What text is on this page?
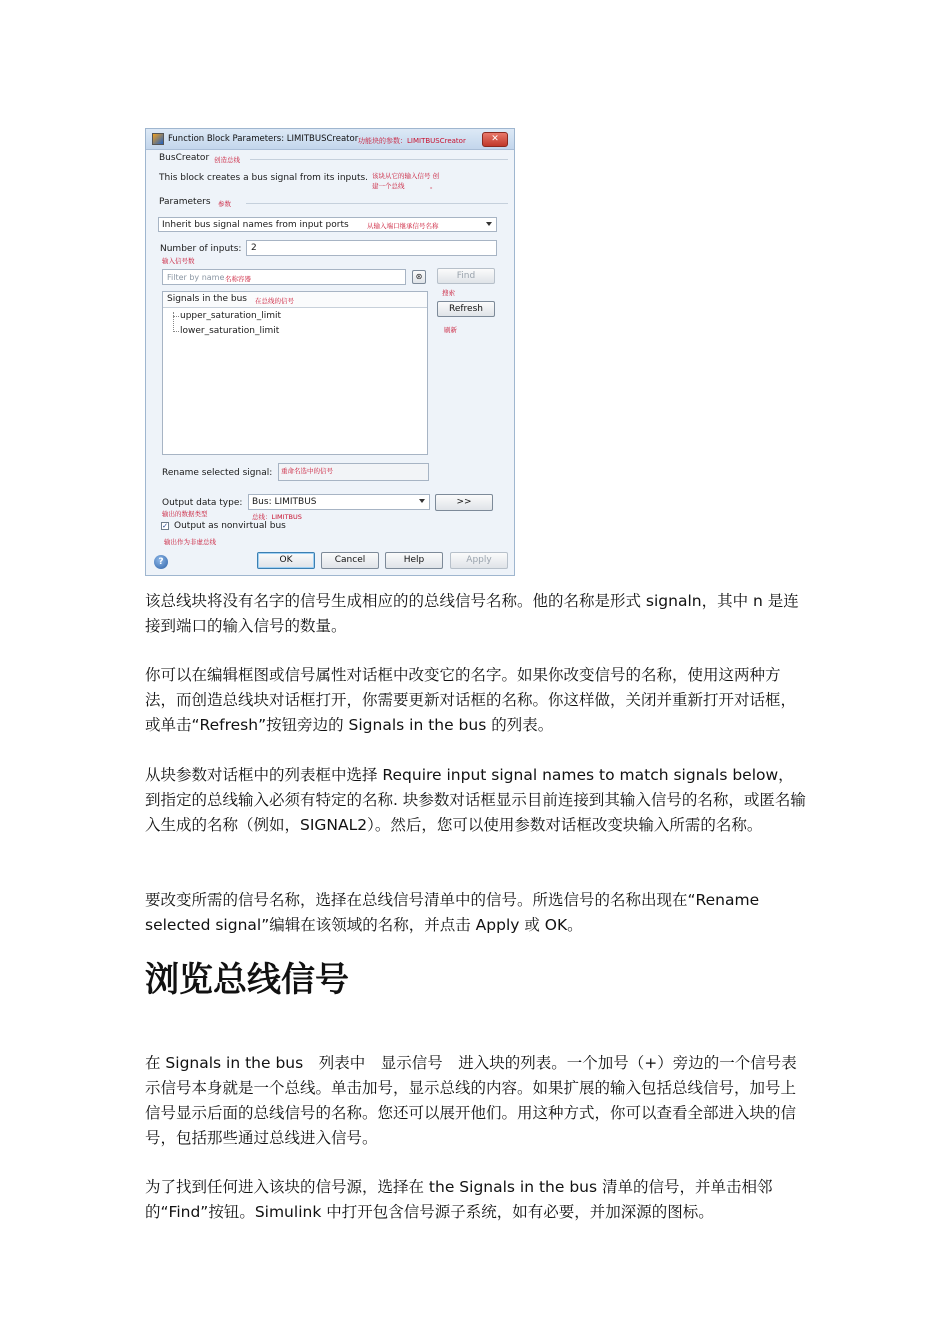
Function Block Parameters: LIMITBUSCreator 功能块的参数：LIMITBUSCreator	✕
BusCreator 创造总线
This block creates a bus signal from its inputs. 该块从它的输入信号 创
建一个总线	。
Parameters 参数
Inherit bus signal names from input ports	从输入端口继承信号名称
Number of inputs: 2
输入信号数
Filter by name 名称容器	⊛	Find
搜索
Signals in the bus 在总线的信号
upper_saturation_limit
lower_saturation_limit
Refresh
刷新
Rename selected signal: 重命名选中的信号
Output data type:
输出的数据类型
Bus: LIMITBUS
总线：LIMITBUS
>>
✓ Output as nonvirtual bus
输出作为非虚总线
?	OK	Cancel	Help	Apply

该总线块将没有名字的信号生成相应的的总线信号名称。他的名称是形式 signaln，其中 n 是连接到端口的输入信号的数量。

你可以在编辑框图或信号属性对话框中改变它的名字。如果你改变信号的名称，使用这两种方法，而创造总线块对话框打开，你需要更新对话框的名称。你这样做，关闭并重新打开对话框，或单击“Refresh”按钮旁边的 Signals in the bus 的列表。

从块参数对话框中的列表框中选择 Require input signal names to match signals below，到指定的总线输入必须有特定的名称. 块参数对话框显示目前连接到其输入信号的名称，或匿名输入生成的名称（例如，SIGNAL2）。然后，您可以使用参数对话框改变块输入所需的名称。

要改变所需的信号名称，选择在总线信号清单中的信号。所选信号的名称出现在“Rename selected signal”编辑在该领域的名称，并点击 Apply 或 OK。

浏览总线信号

在 Signals in the bus　列表中　显示信号　进入块的列表。一个加号（+）旁边的一个信号表示信号本身就是一个总线。单击加号，显示总线的内容。如果扩展的输入包括总线信号，加号上信号显示后面的总线信号的名称。您还可以展开他们。用这种方式，你可以查看全部进入块的信号，包括那些通过总线进入信号。

为了找到任何进入该块的信号源，选择在 the Signals in the bus 清单的信号，并单击相邻的“Find”按钮。Simulink 中打开包含信号源子系统，如有必要，并加深源的图标。
